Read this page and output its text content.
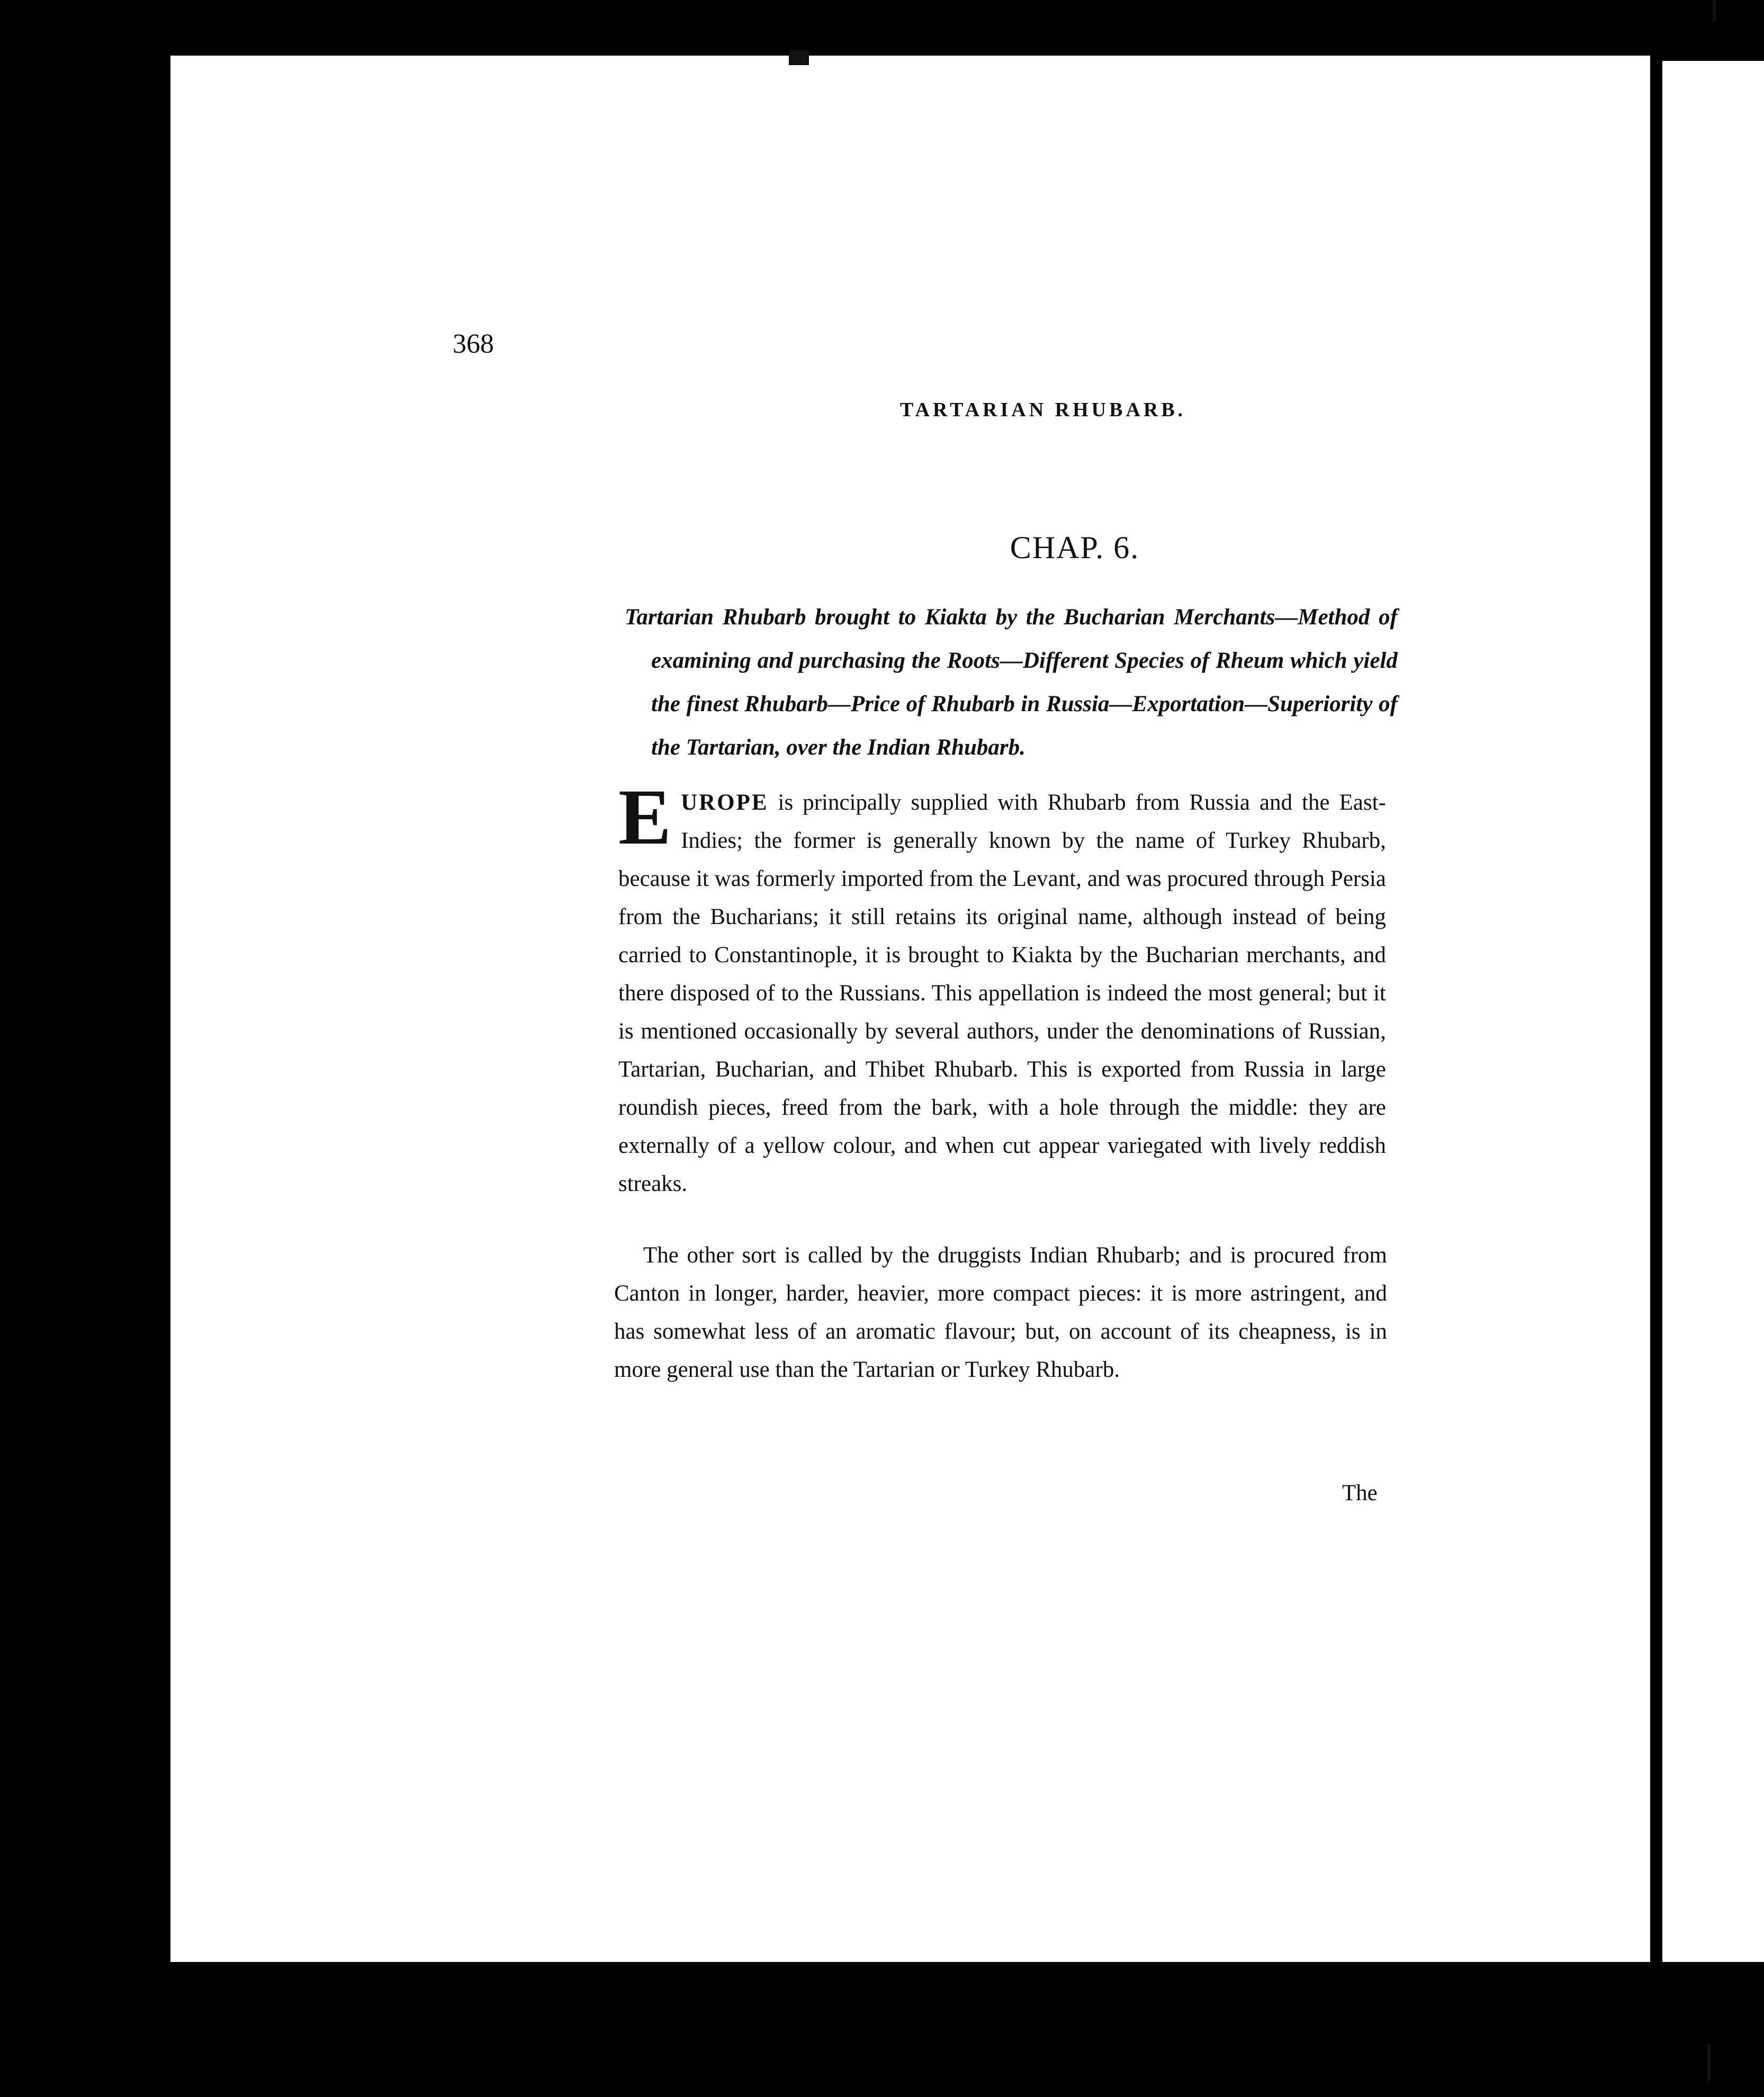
368
TARTARIAN RHUBARB.
CHAP. 6.
Tartarian Rhubarb brought to Kiakta by the Bucharian Merchants—Method of examining and purchasing the Roots—Different Species of Rheum which yield the finest Rhubarb—Price of Rhubarb in Russia—Exportation—Superiority of the Tartarian, over the Indian Rhubarb.
EUROPE is principally supplied with Rhubarb from Russia and the East-Indies; the former is generally known by the name of Turkey Rhubarb, because it was formerly imported from the Levant, and was procured through Persia from the Bucharians; it still retains its original name, although instead of being carried to Constantinople, it is brought to Kiakta by the Bucharian merchants, and there disposed of to the Russians. This appellation is indeed the most general; but it is mentioned occasionally by several authors, under the denominations of Russian, Tartarian, Bucharian, and Thibet Rhubarb. This is exported from Russia in large roundish pieces, freed from the bark, with a hole through the middle: they are externally of a yellow colour, and when cut appear variegated with lively reddish streaks.
The other sort is called by the druggists Indian Rhubarb; and is procured from Canton in longer, harder, heavier, more compact pieces: it is more astringent, and has somewhat less of an aromatic flavour; but, on account of its cheapness, is in more general use than the Tartarian or Turkey Rhubarb.
The
